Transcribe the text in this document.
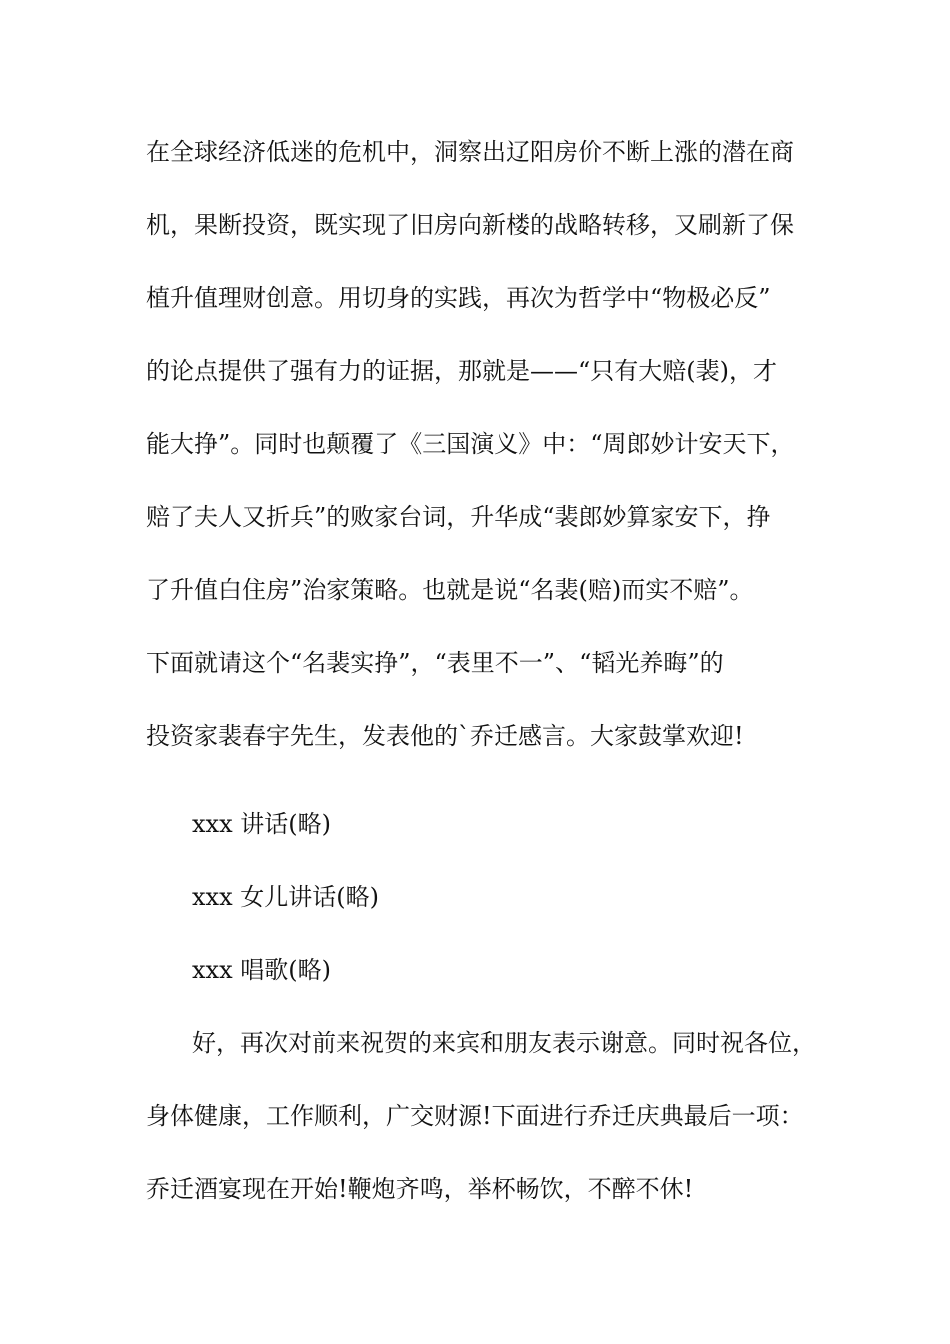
在全球经济低迷的危机中，洞察出辽阳房价不断上涨的潜在商

机，果断投资，既实现了旧房向新楼的战略转移，又刷新了保

植升值理财创意。用切身的实践，再次为哲学中“物极必反”

的论点提供了强有力的证据，那就是——“只有大赔(裴)，才

能大挣”。同时也颠覆了《三国演义》中：“周郎妙计安天下，

赔了夫人又折兵”的败家台词，升华成“裴郎妙算家安下，挣

了升值白住房”治家策略。也就是说“名裴(赔)而实不赔”。

下面就请这个“名裴实挣”，“表里不一”、“韬光养晦”的

投资家裴春宇先生，发表他的`乔迁感言。大家鼓掌欢迎!

xxx 讲话(略)

xxx 女儿讲话(略)

xxx 唱歌(略)

好，再次对前来祝贺的来宾和朋友表示谢意。同时祝各位，

身体健康，工作顺利，广交财源!下面进行乔迁庆典最后一项：

乔迁酒宴现在开始!鞭炮齐鸣，举杯畅饮，不醉不休!
